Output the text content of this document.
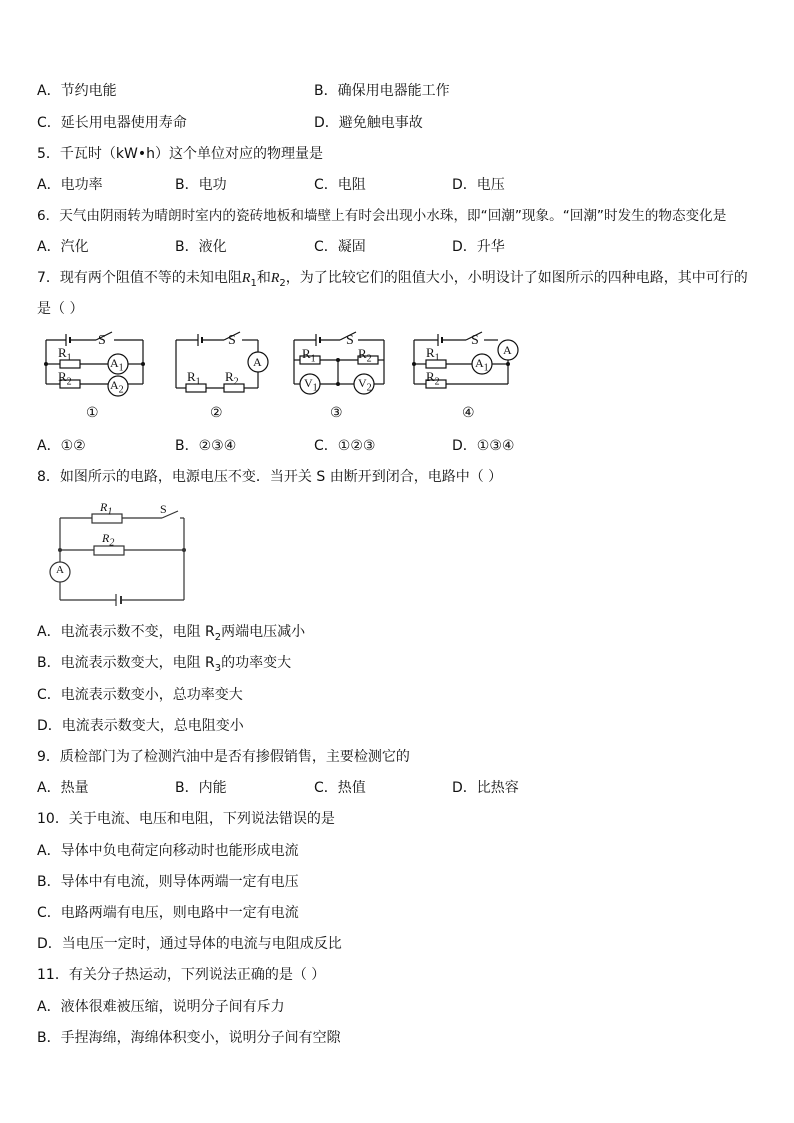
A．节约电能	B．确保用电器能工作
C．延长用电器使用寿命	D．避免触电事故
5．千瓦时（kW•h）这个单位对应的物理量是
A．电功率	B．电功	C．电阻	D．电压
6．天气由阴雨转为晴朗时室内的瓷砖地板和墙壁上有时会出现小水珠，即“回潮”现象。“回潮”时发生的物态变化是
A．汽化	B．液化	C．凝固	D．升华
7．现有两个阻值不等的未知电阻$R_1$和$R_2$，为了比较它们的阻值大小，小明设计了如图所示的四种电路，其中可行的
是（ ）
S
$R_1$
$R_2$
$A_1$
$A_2$
S
A
$R_1$ $R_2$
S
$R_1$	$R_2$
$V_1$	$V_2$
S
A
$R_1$
$R_2$
$A_1$
①	②	③	④
A．①②	B．②③④	C．①②③	D．①③④
8．如图所示的电路，电源电压不变．当开关 S 由断开到闭合，电路中（ ）
$R_1$	S
$R_2$
A
A．电流表示数不变，电阻 $R_2$两端电压减小
B．电流表示数变大，电阻 $R_3$的功率变大
C．电流表示数变小，总功率变大
D．电流表示数变大，总电阻变小
9．质检部门为了检测汽油中是否有掺假销售，主要检测它的
A．热量	B．内能	C．热值	D．比热容
10．关于电流、电压和电阻，下列说法错误的是
A．导体中负电荷定向移动时也能形成电流
B．导体中有电流，则导体两端一定有电压
C．电路两端有电压，则电路中一定有电流
D．当电压一定时，通过导体的电流与电阻成反比
11．有关分子热运动，下列说法正确的是（ ）
A．液体很难被压缩，说明分子间有斥力
B．手捏海绵，海绵体积变小，说明分子间有空隙
